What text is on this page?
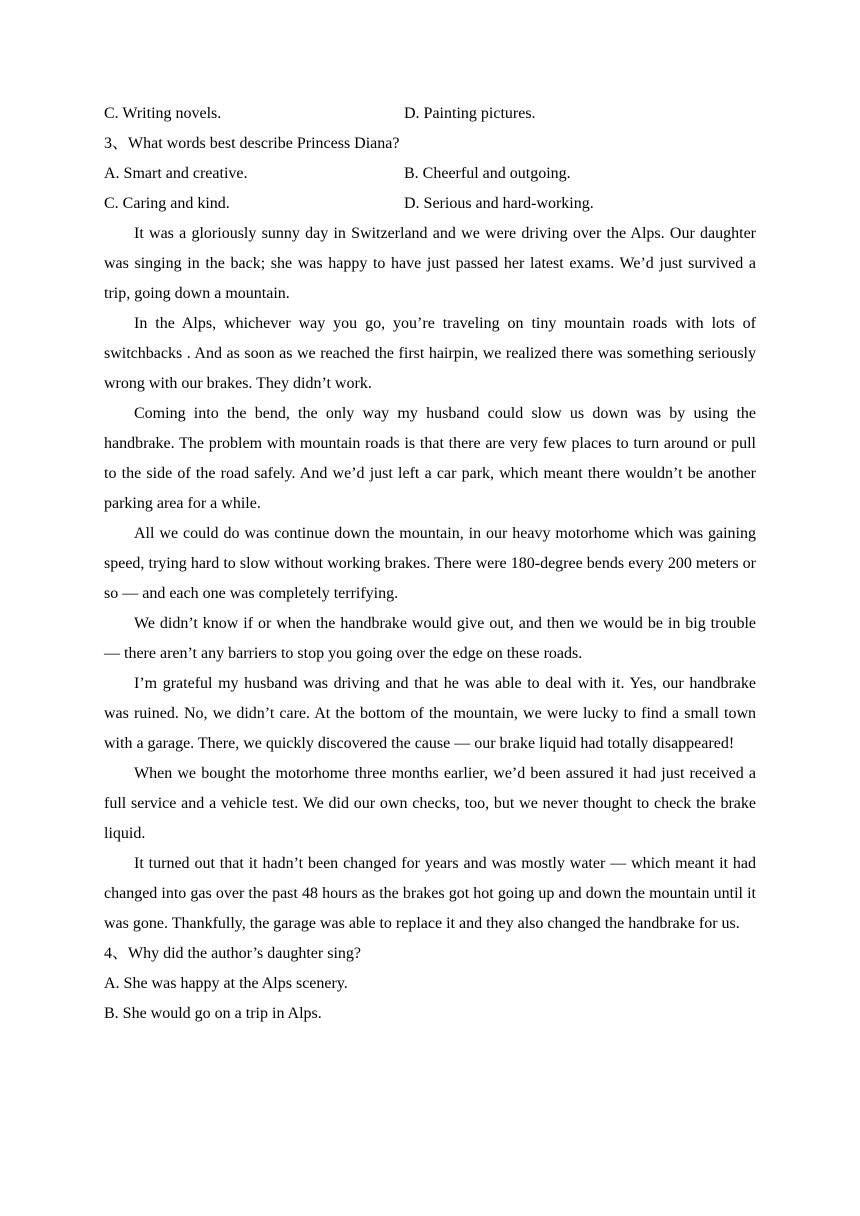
C. Writing novels.	D. Painting pictures.
3、What words best describe Princess Diana?
A. Smart and creative.	B. Cheerful and outgoing.
C. Caring and kind.	D. Serious and hard-working.

It was a gloriously sunny day in Switzerland and we were driving over the Alps. Our daughter was singing in the back; she was happy to have just passed her latest exams. We’d just survived a trip, going down a mountain.

In the Alps, whichever way you go, you’re traveling on tiny mountain roads with lots of switchbacks . And as soon as we reached the first hairpin, we realized there was something seriously wrong with our brakes. They didn’t work.

Coming into the bend, the only way my husband could slow us down was by using the handbrake. The problem with mountain roads is that there are very few places to turn around or pull to the side of the road safely. And we’d just left a car park, which meant there wouldn’t be another parking area for a while.

All we could do was continue down the mountain, in our heavy motorhome which was gaining speed, trying hard to slow without working brakes. There were 180-degree bends every 200 meters or so — and each one was completely terrifying.

We didn’t know if or when the handbrake would give out, and then we would be in big trouble — there aren’t any barriers to stop you going over the edge on these roads.

I’m grateful my husband was driving and that he was able to deal with it. Yes, our handbrake was ruined. No, we didn’t care. At the bottom of the mountain, we were lucky to find a small town with a garage. There, we quickly discovered the cause — our brake liquid had totally disappeared!

When we bought the motorhome three months earlier, we’d been assured it had just received a full service and a vehicle test. We did our own checks, too, but we never thought to check the brake liquid.

It turned out that it hadn’t been changed for years and was mostly water — which meant it had changed into gas over the past 48 hours as the brakes got hot going up and down the mountain until it was gone. Thankfully, the garage was able to replace it and they also changed the handbrake for us.

4、Why did the author’s daughter sing?
A. She was happy at the Alps scenery.
B. She would go on a trip in Alps.
